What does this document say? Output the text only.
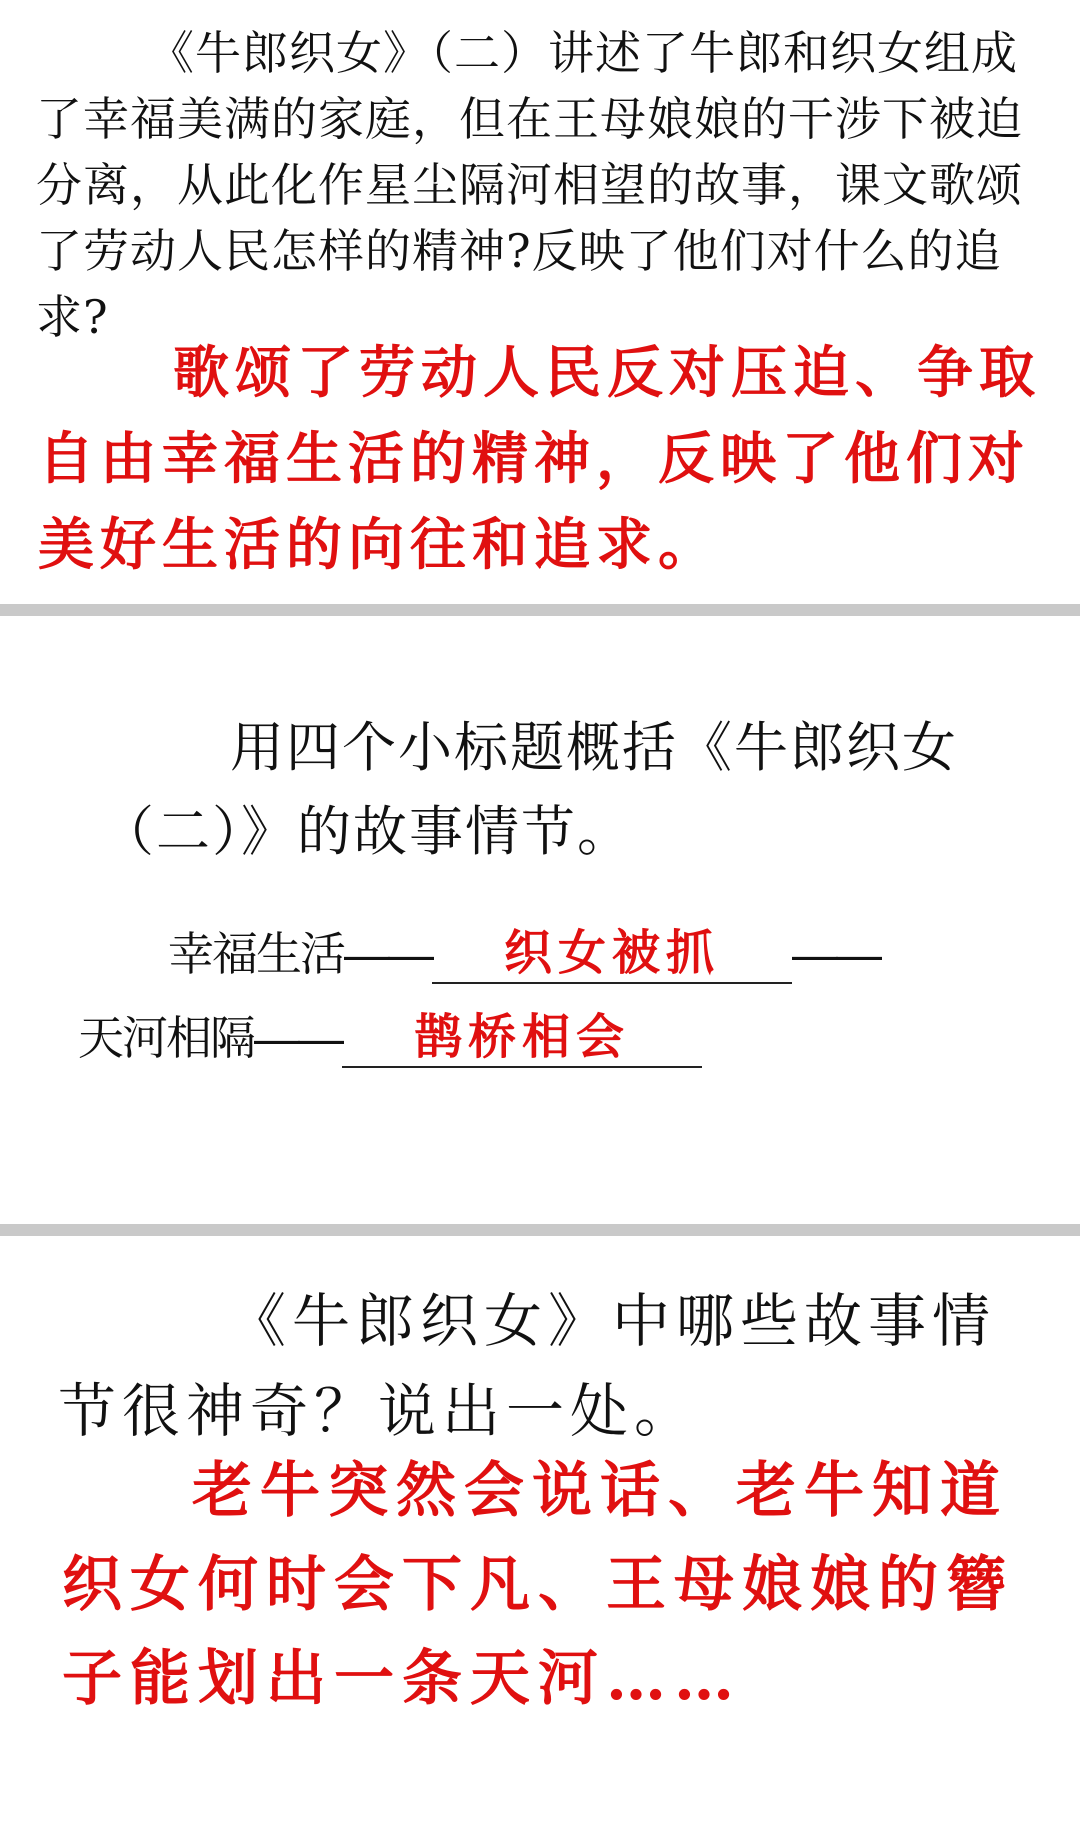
《牛郎织女》（二）讲述了牛郎和织女组成了幸福美满的家庭，但在王母娘娘的干涉下被迫分离，从此化作星尘隔河相望的故事，课文歌颂了劳动人民怎样的精神?反映了他们对什么的追求?

歌颂了劳动人民反对压迫、争取自由幸福生活的精神，反映了他们对美好生活的向往和追求。

用四个小标题概括《牛郎织女（二）》的故事情节。

幸福生活——	织女被抓	——
天河相隔——	鹊桥相会

《牛郎织女》中哪些故事情节很神奇？说出一处。

老牛突然会说话、老牛知道织女何时会下凡、王母娘娘的簪子能划出一条天河……
